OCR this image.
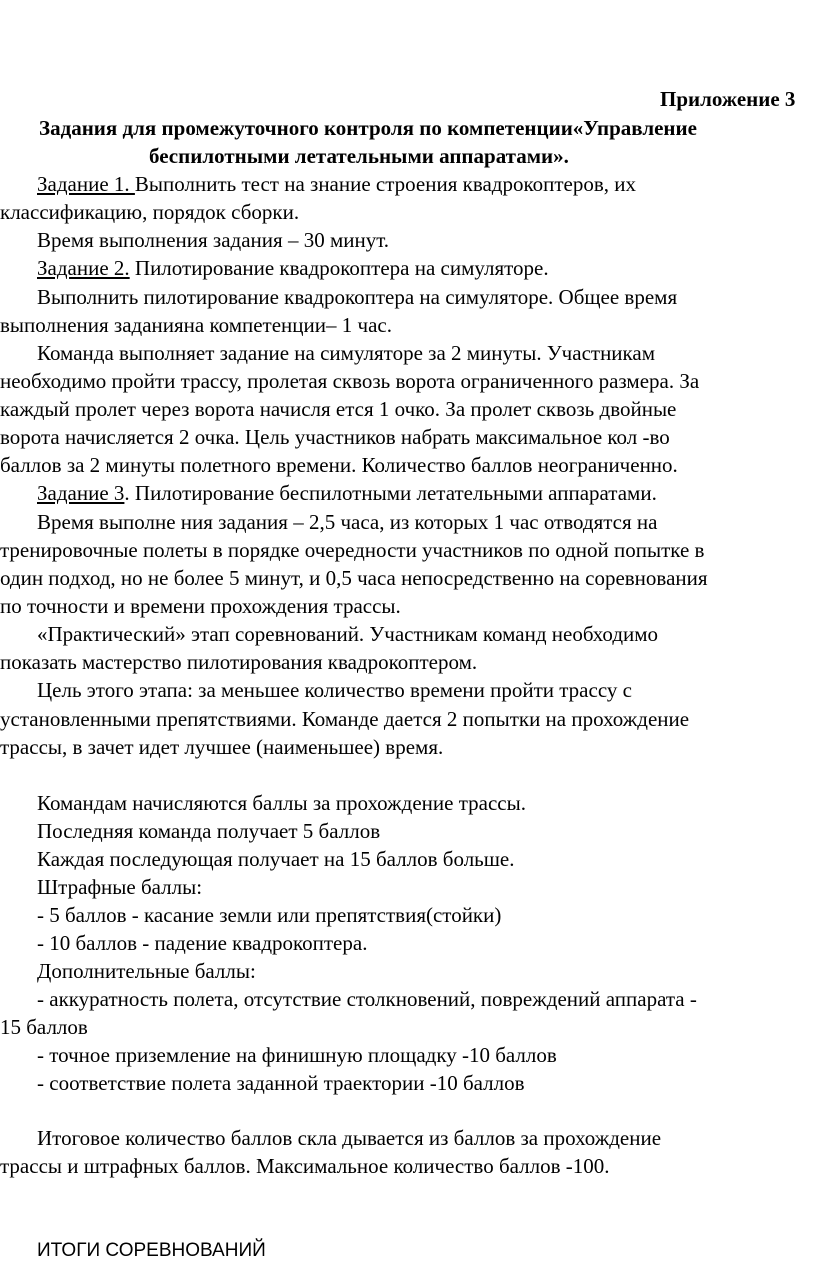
Приложение 3
Задания для промежуточного контроля по компетенции«Управление
беспилотными летательными аппаратами».
Задание 1. Выполнить тест на знание строения квадрокоптеров, их
классификацию, порядок сборки.
Время выполнения задания – 30 минут.
Задание 2. Пилотирование квадрокоптера на симуляторе.
Выполнить пилотирование квадрокоптера на симуляторе. Общее время
выполнения заданияна компетенции– 1 час.
Команда выполняет задание на симуляторе за 2 минуты. Участникам
необходимо пройти трассу, пролетая сквозь ворота ограниченного размера. За
каждый пролет через ворота начисля ется 1 очко. За пролет сквозь двойные
ворота начисляется 2 очка. Цель участников набрать максимальное кол -во
баллов за 2 минуты полетного времени. Количество баллов неограниченно.
Задание 3. Пилотирование беспилотными летательными аппаратами.
Время выполне ния задания – 2,5 часа, из которых 1 час отводятся на
тренировочные полеты в порядке очередности участников по одной попытке в
один подход, но не более 5 минут, и 0,5 часа непосредственно на соревнования
по точности и времени прохождения трассы.
«Практический» этап соревнований. Участникам команд необходимо
показать мастерство пилотирования квадрокоптером.
Цель этого этапа: за меньшее количество времени пройти трассу с
установленными препятствиями. Команде дается 2 попытки на прохождение
трассы, в зачет идет лучшее (наименьшее) время.
Командам начисляются баллы за прохождение трассы.
Последняя команда получает 5 баллов
Каждая последующая получает на 15 баллов больше.
Штрафные баллы:
- 5 баллов - касание земли или препятствия(стойки)
- 10 баллов - падение квадрокоптера.
Дополнительные баллы:
- аккуратность полета, отсутствие столкновений, повреждений аппарата -
15 баллов
- точное приземление на финишную площадку -10 баллов
- соответствие полета заданной траектории -10 баллов
Итоговое количество баллов скла дывается из баллов за прохождение
трассы и штрафных баллов. Максимальное количество баллов -100.
ИТОГИ СОРЕВНОВАНИЙ
